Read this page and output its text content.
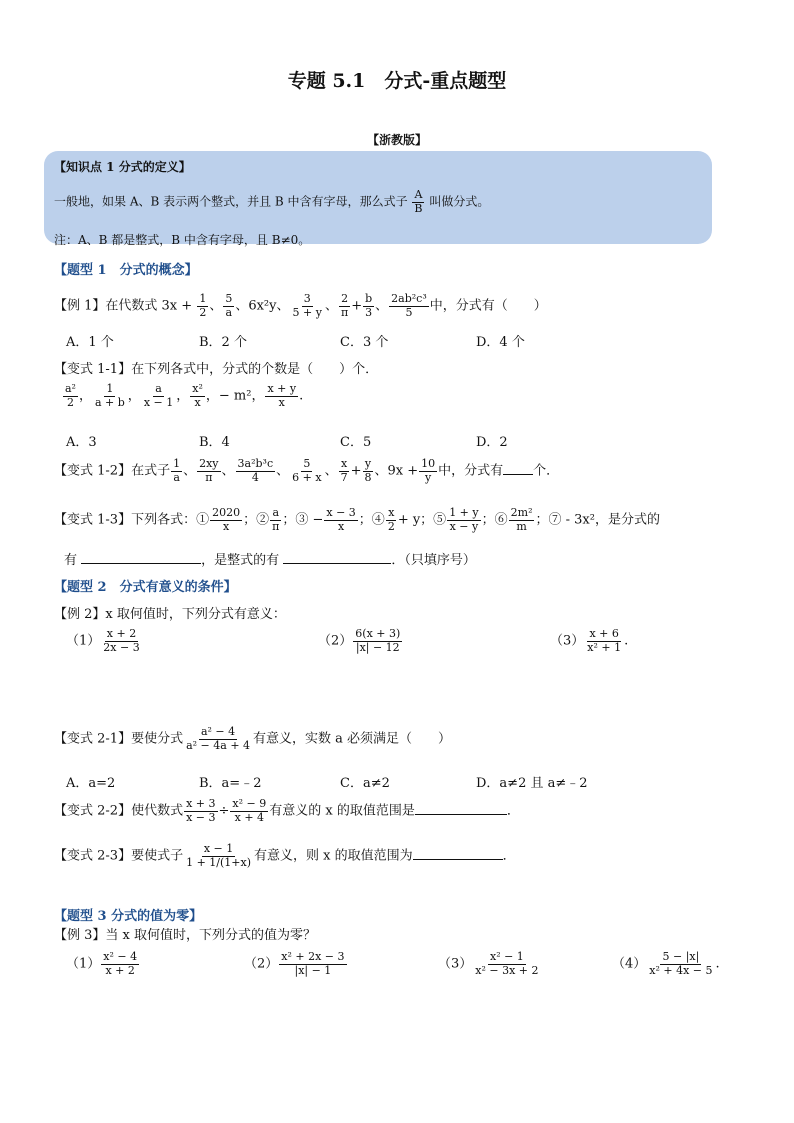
专题 5.1　分式-重点题型
【浙教版】
【知识点 1 分式的定义】
一般地，如果 A、B 表示两个整式，并且 B 中含有字母，那么式子 $\frac{A}{B}$ 叫做分式。
注：A、B 都是整式，B 中含有字母，且 B≠0。
【题型 1　分式的概念】
【例 1】在代数式 $3x + \frac{1}{2}$ 、 $\frac{5}{a}$ 、6x²y、 $\frac{3}{5 + y}$ 、 $\frac{2}{\pi} + \frac{b}{3}$ 、 $\frac{\text{2ab²c³}}{5}$ 中，分式有（　　）
A．1 个	B．2 个	C．3 个	D．4 个
【变式 1-1】在下列各式中，分式的个数是（　　）个．
$\frac{\text{a²}}{2}$ ， $\frac{1}{a + b}$ ， $\frac{a}{x - 1}$ ， $\frac{\text{x²}}{x}$ ，− m²， $\frac{x + y}{x}$ .
A．3	B．4	C．5	D．2
【变式 1-2】在式子 $\frac{1}{a}$ 、 $\frac{2xy}{\pi}$ 、 $\frac{\text{3a²b³c}}{4}$ 、 $\frac{5}{6 + x}$ 、 $\frac{x}{7} + \frac{y}{8}$ 、$9x + \frac{10}{y}$ 中，分式有 个．
【变式 1-3】下列各式：① $\frac{2020}{x}$ ；② $\frac{a}{\pi}$ ；③ − $\frac{x - 3}{x}$ ；④ $\frac{x}{2} + y$；⑤ $\frac{1 + y}{x - y}$ ；⑥ $\frac{\text{2m²}}{m}$ ；⑦ - 3x²，是分式的
有	，是整式的有	．（只填序号）
【题型 2　分式有意义的条件】
【例 2】x 取何值时，下列分式有意义：
$(1) \frac{x + 2}{2x - 3}$	$(2) \frac{6(x + 3)}{|x| - 12}$	$(3) \frac{x + 6}{\text{x² + 1}}$ .
【变式 2-1】要使分式 $\frac{\text{a² − 4}}{\text{a² − 4a + 4}}$ 有意义，实数 a 必须满足（　　）
A．a=2	B．a=﹣2	C．a≠2	D．a≠2 且 a≠﹣2
【变式 2-2】使代数式 $\frac{x + 3}{x - 3} \div \frac{\text{x² − 9}}{x + 4}$ 有意义的 x 的取值范围是	．
【变式 2-3】要使式子 $\frac{x - 1}{1 + 1/(1+x)}$ 有意义，则 x 的取值范围为	．
【题型 3 分式的值为零】
【例 3】当 x 取何值时，下列分式的值为零？
$(1) \frac{\text{x² − 4}}{x + 2}$	$(2) \frac{\text{x² + 2x − 3}}{|x| - 1}$	$(3) \frac{\text{x² − 1}}{\text{x² − 3x + 2}}$	$(4) \frac{5 - |x|}{\text{x² + 4x − 5}}$ .
